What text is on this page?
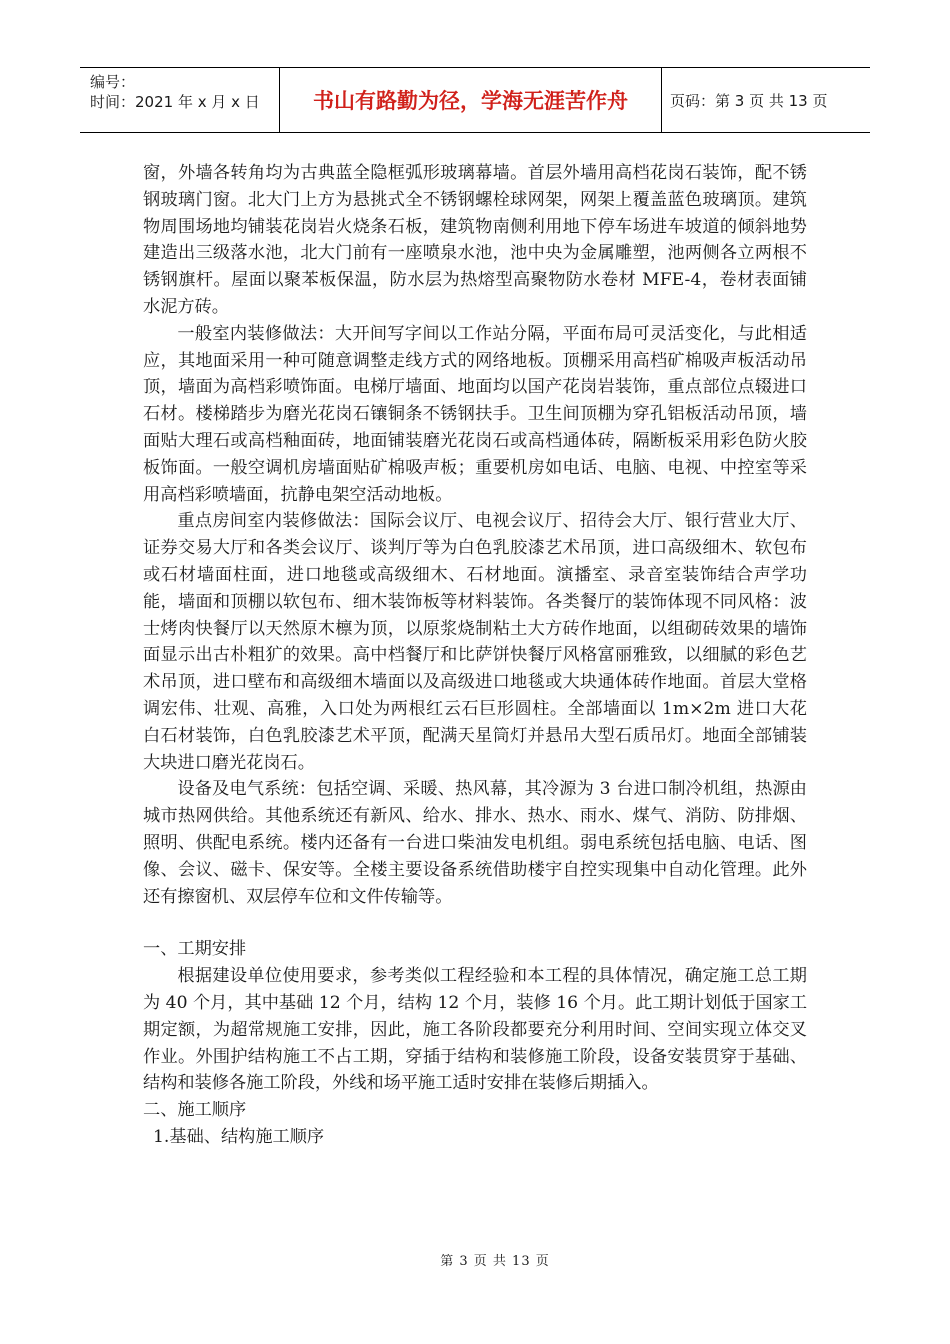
编号：
时间：2021 年 x 月 x 日	书山有路勤为径，学海无涯苦作舟	页码：第 3 页 共 13 页

窗，外墙各转角均为古典蓝全隐框弧形玻璃幕墙。首层外墙用高档花岗石装饰，配不锈钢玻璃门窗。北大门上方为悬挑式全不锈钢螺栓球网架，网架上覆盖蓝色玻璃顶。建筑物周围场地均铺装花岗岩火烧条石板，建筑物南侧利用地下停车场进车坡道的倾斜地势建造出三级落水池，北大门前有一座喷泉水池，池中央为金属雕塑，池两侧各立两根不锈钢旗杆。屋面以聚苯板保温，防水层为热熔型高聚物防水卷材 MFE-4，卷材表面铺水泥方砖。

一般室内装修做法：大开间写字间以工作站分隔，平面布局可灵活变化，与此相适应，其地面采用一种可随意调整走线方式的网络地板。顶棚采用高档矿棉吸声板活动吊顶，墙面为高档彩喷饰面。电梯厅墙面、地面均以国产花岗岩装饰，重点部位点辍进口石材。楼梯踏步为磨光花岗石镶铜条不锈钢扶手。卫生间顶棚为穿孔铝板活动吊顶，墙面贴大理石或高档釉面砖，地面铺装磨光花岗石或高档通体砖，隔断板采用彩色防火胶板饰面。一般空调机房墙面贴矿棉吸声板；重要机房如电话、电脑、电视、中控室等采用高档彩喷墙面，抗静电架空活动地板。

重点房间室内装修做法：国际会议厅、电视会议厅、招待会大厅、银行营业大厅、证券交易大厅和各类会议厅、谈判厅等为白色乳胶漆艺术吊顶，进口高级细木、软包布或石材墙面柱面，进口地毯或高级细木、石材地面。演播室、录音室装饰结合声学功能，墙面和顶棚以软包布、细木装饰板等材料装饰。各类餐厅的装饰体现不同风格：波士烤肉快餐厅以天然原木檩为顶，以原浆烧制粘土大方砖作地面，以组砌砖效果的墙饰面显示出古朴粗犷的效果。高中档餐厅和比萨饼快餐厅风格富丽雅致，以细腻的彩色艺术吊顶，进口壁布和高级细木墙面以及高级进口地毯或大块通体砖作地面。首层大堂格调宏伟、壮观、高雅，入口处为两根红云石巨形圆柱。全部墙面以 1m×2m 进口大花白石材装饰，白色乳胶漆艺术平顶，配满天星筒灯并悬吊大型石质吊灯。地面全部铺装大块进口磨光花岗石。

设备及电气系统：包括空调、采暖、热风幕，其冷源为 3 台进口制冷机组，热源由城市热网供给。其他系统还有新风、给水、排水、热水、雨水、煤气、消防、防排烟、照明、供配电系统。楼内还备有一台进口柴油发电机组。弱电系统包括电脑、电话、图像、会议、磁卡、保安等。全楼主要设备系统借助楼宇自控实现集中自动化管理。此外还有擦窗机、双层停车位和文件传输等。

一、工期安排

根据建设单位使用要求，参考类似工程经验和本工程的具体情况，确定施工总工期为 40 个月，其中基础 12 个月，结构 12 个月，装修 16 个月。此工期计划低于国家工期定额，为超常规施工安排，因此，施工各阶段都要充分利用时间、空间实现立体交叉作业。外围护结构施工不占工期，穿插于结构和装修施工阶段，设备安装贯穿于基础、结构和装修各施工阶段，外线和场平施工适时安排在装修后期插入。

二、施工顺序

1.基础、结构施工顺序

第 3 页 共 13 页
